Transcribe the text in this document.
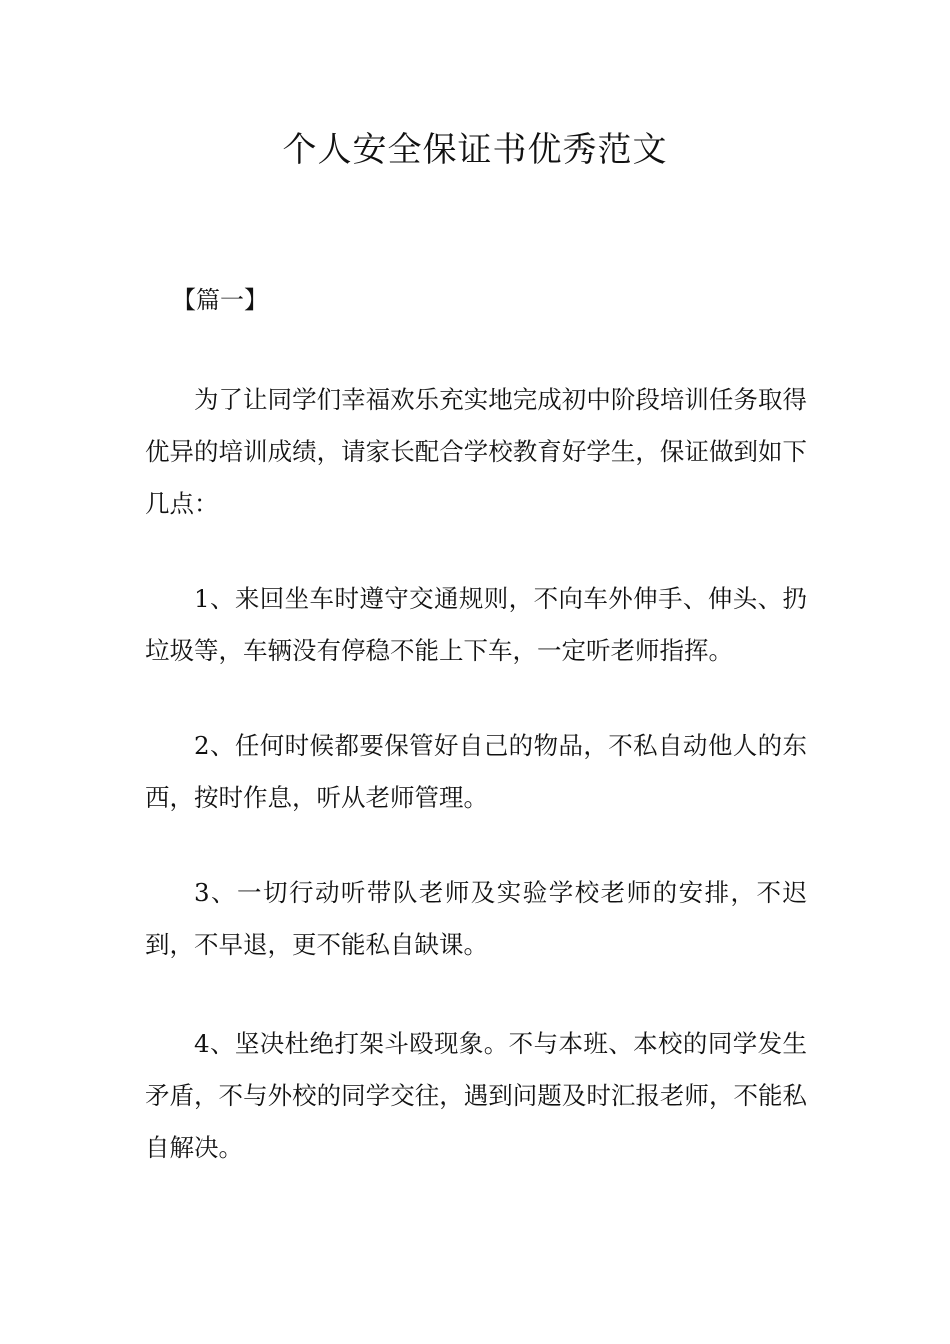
个人安全保证书优秀范文

【篇一】

为了让同学们幸福欢乐充实地完成初中阶段培训任务取得优异的培训成绩，请家长配合学校教育好学生，保证做到如下几点：

1、来回坐车时遵守交通规则，不向车外伸手、伸头、扔垃圾等，车辆没有停稳不能上下车，一定听老师指挥。

2、任何时候都要保管好自己的物品，不私自动他人的东西，按时作息，听从老师管理。

3、一切行动听带队老师及实验学校老师的安排，不迟到，不早退，更不能私自缺课。

4、坚决杜绝打架斗殴现象。不与本班、本校的同学发生矛盾，不与外校的同学交往，遇到问题及时汇报老师，不能私自解决。
